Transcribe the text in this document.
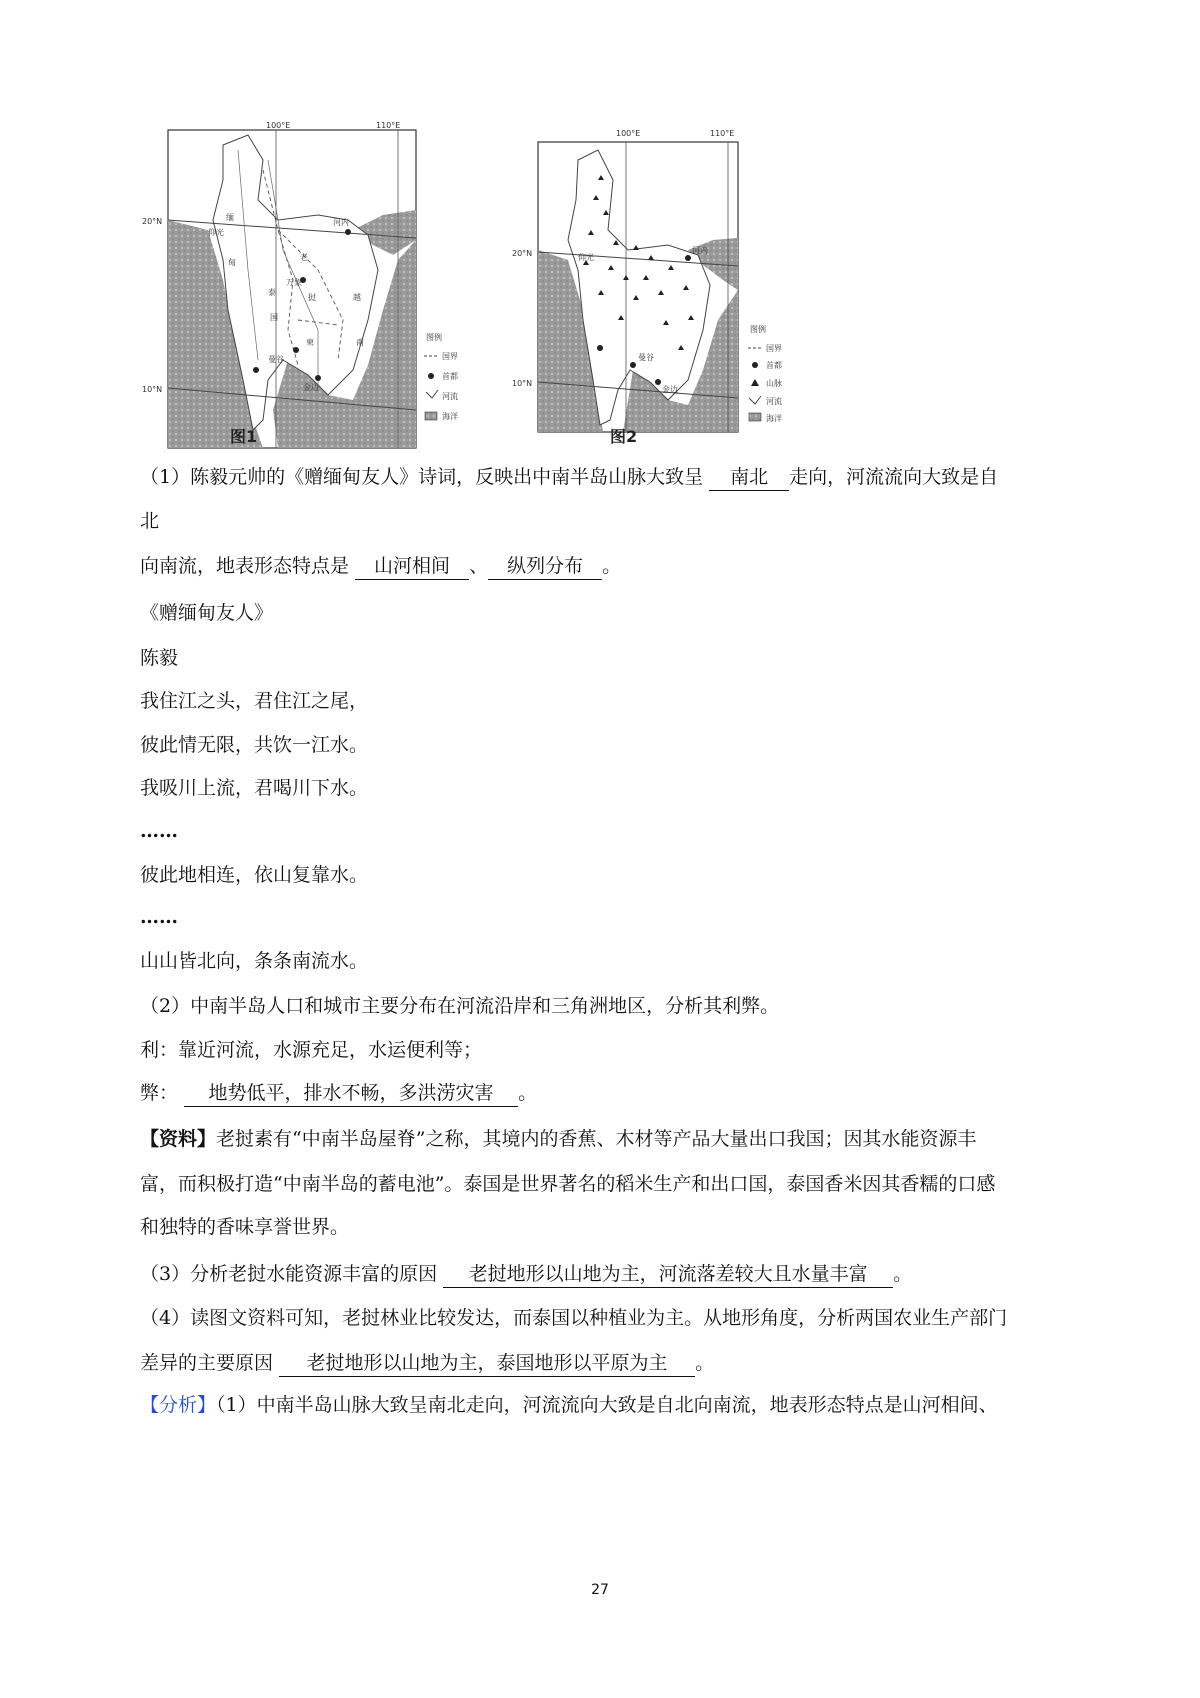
100°E	110°E
20°N
10°N
缅
甸
泰
国
老
挝	越
南
柬
仰光
万象
河内
曼谷
金边
图例
国界
首都
河流
海洋
图1
100°E	110°E
20°N
10°N
仰光
河内
曼谷
金边
图例
国界
首都
山脉
河流
海洋
图2
（1）陈毅元帅的《赠缅甸友人》诗词，反映出中南半岛山脉大致呈 南北 走向，河流流向大致是自
北
向南流，地表形态特点是 山河相间 、 纵列分布 。
《赠缅甸友人》
陈毅
我住江之头，君住江之尾，
彼此情无限，共饮一江水。
我吸川上流，君喝川下水。
……
彼此地相连，依山复靠水。
……
山山皆北向，条条南流水。
（2）中南半岛人口和城市主要分布在河流沿岸和三角洲地区，分析其利弊。
利：靠近河流，水源充足，水运便利等；
弊： 地势低平，排水不畅，多洪涝灾害 。
【资料】老挝素有“中南半岛屋脊”之称，其境内的香蕉、木材等产品大量出口我国；因其水能资源丰
富，而积极打造“中南半岛的蓄电池”。泰国是世界著名的稻米生产和出口国，泰国香米因其香糯的口感
和独特的香味享誉世界。
（3）分析老挝水能资源丰富的原因 老挝地形以山地为主，河流落差较大且水量丰富 。
（4）读图文资料可知，老挝林业比较发达，而泰国以种植业为主。从地形角度，分析两国农业生产部门
差异的主要原因 老挝地形以山地为主，泰国地形以平原为主 。
【分析】（1）中南半岛山脉大致呈南北走向，河流流向大致是自北向南流，地表形态特点是山河相间、
27
